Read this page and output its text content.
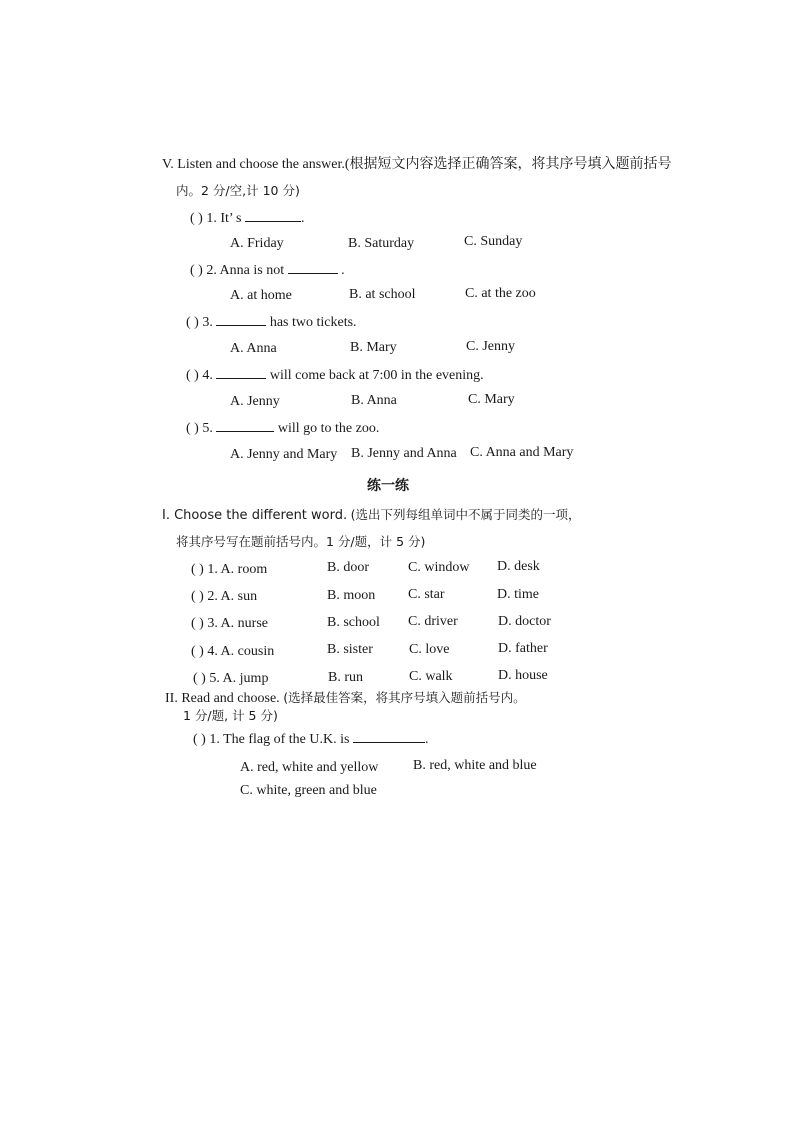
V. Listen and choose the answer.(根据短文内容选择正确答案，将其序号填入题前括号
内。2 分/空,计 10 分)
( ) 1. It’ s	.
A. Friday	B. Saturday	C. Sunday
( ) 2. Anna is not	.
A. at home	B. at school	C. at the zoo
( ) 3.	has two tickets.
A. Anna	B. Mary	C. Jenny
( ) 4.	will come back at 7:00 in the evening.
A. Jenny	B. Anna	C. Mary
( ) 5.	will go to the zoo.
A. Jenny and Mary B. Jenny and Anna C. Anna and Mary
练一练
I. Choose the different word. (选出下列每组单词中不属于同类的一项，
将其序号写在题前括号内。1 分/题，计 5 分)
( ) 1. A. room	B. door	C. window D. desk
( ) 2. A. sun	B. moon C. star	D. time
( ) 3. A. nurse	B. school C. driver	D. doctor
( ) 4. A. cousin	B. sister	C. love	D. father
( ) 5. A. jump	B. run	C. walk	D. house
II. Read and choose. (选择最佳答案，将其序号填入题前括号内。
1 分/题, 计 5 分)
( ) 1. The flag of the U.K. is	.
A. red, white and yellow B. red, white and blue
C. white, green and blue
